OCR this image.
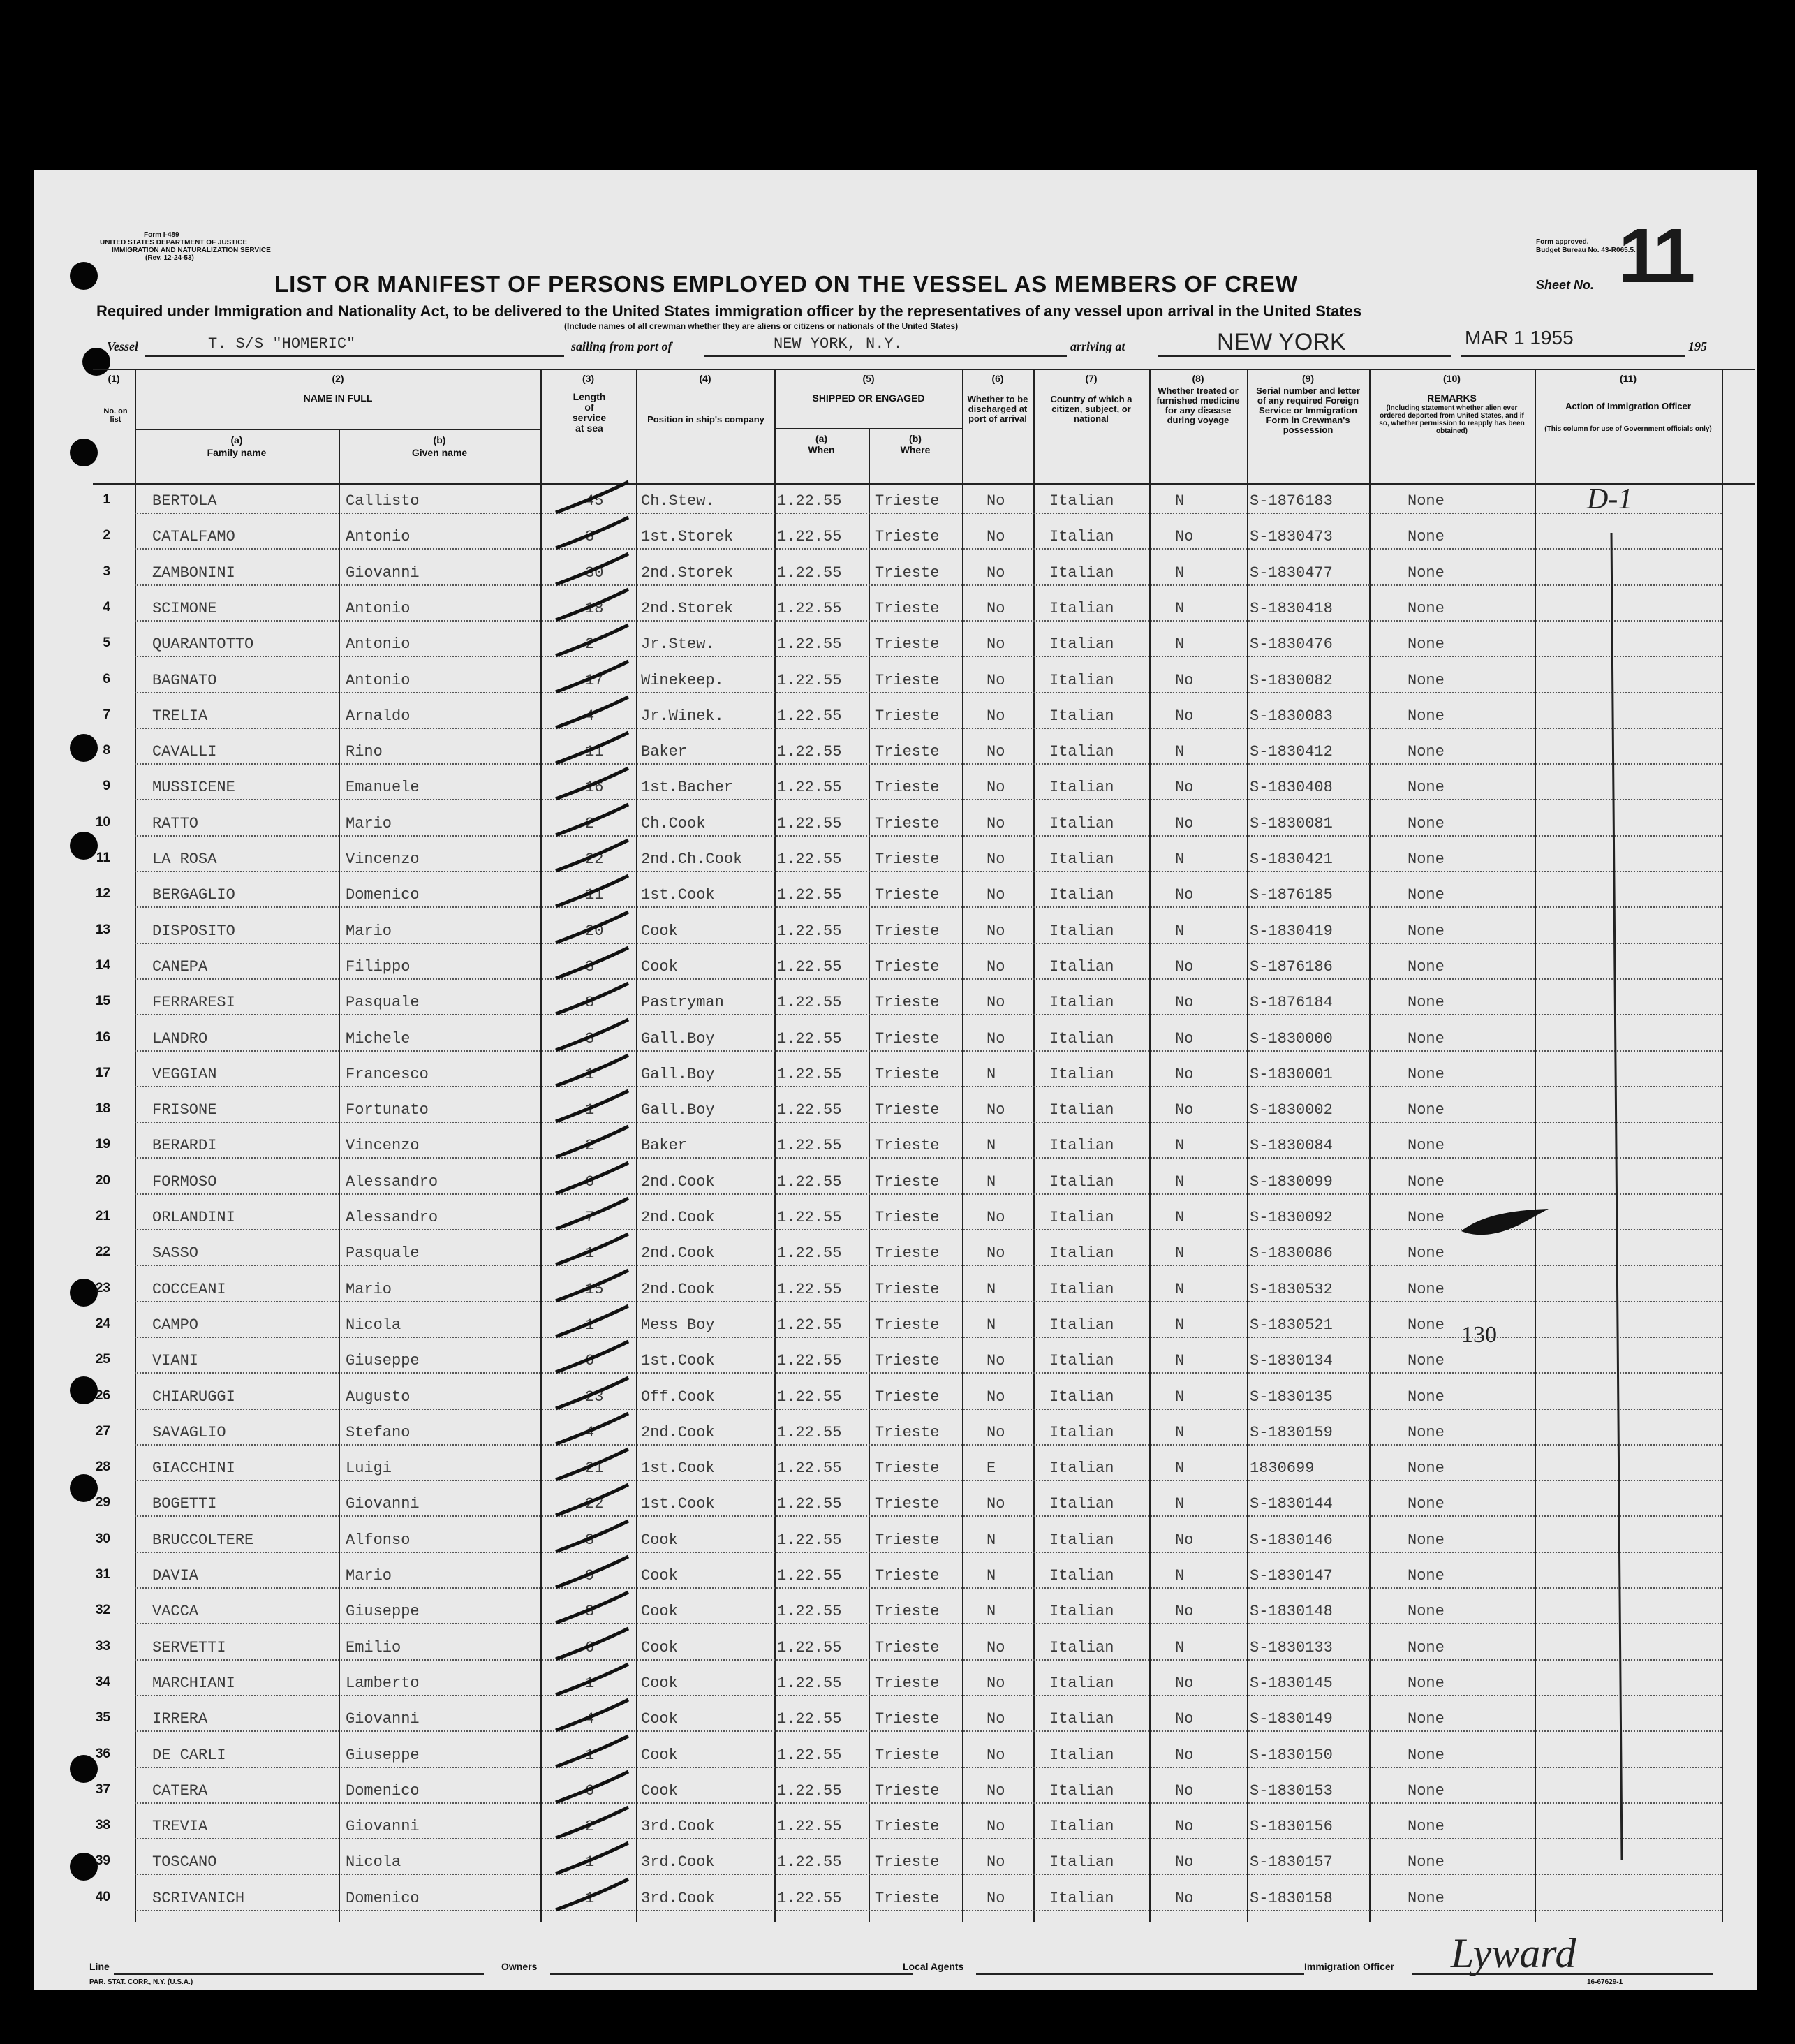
Form I-489
UNITED STATES DEPARTMENT OF JUSTICE
IMMIGRATION AND NATURALIZATION SERVICE
(Rev. 12-24-53)
LIST OR MANIFEST OF PERSONS EMPLOYED ON THE VESSEL AS MEMBERS OF CREW
Form approved.
Budget Bureau No. 43-R065.5.
Sheet No. 11
Required under Immigration and Nationality Act, to be delivered to the United States immigration officer by the representatives of any vessel upon arrival in the United States
(Include names of all crewman whether they are aliens or citizens or nationals of the United States)
Vessel	T. S/S "HOMERIC"	sailing from port of	NEW YORK, N.Y.	arriving at	NEW YORK	MAR 1 1955	195
(1)
No. on list
(2)
NAME IN FULL
(a)
Family name
(b)
Given name
(3)
Length of service at sea
(4)
Position in ship's company
(5)
SHIPPED OR ENGAGED
(a)
When
(b)
Where
(6)
Whether to be discharged at port of arrival
(7)
Country of which a citizen, subject, or national
(8)
Whether treated or furnished medicine for any disease during voyage
(9)
Serial number and letter of any required Foreign Service or Immigration Form in Crewman's possession
(10)
REMARKS
(Including statement whether alien ever ordered deported from United States, and if so, whether permission to reapply has been obtained)
(11)
Action of Immigration Officer
(This column for use of Government officials only)
1	BERTOLA	Callisto	45 Ch.Stew.	1.22.55 Trieste	No	Italian	N	S-1876183	None
2	CATALFAMO	Antonio	3	1st.Storek	1.22.55 Trieste	No	Italian	No	S-1830473	None
3	ZAMBONINI	Giovanni	30 2nd.Storek	1.22.55 Trieste	No	Italian	N	S-1830477	None
4	SCIMONE	Antonio	18 2nd.Storek	1.22.55 Trieste	No	Italian	N	S-1830418	None
5	QUARANTOTTO	Antonio	2	Jr.Stew.	1.22.55 Trieste	No	Italian	N	S-1830476	None
6	BAGNATO	Antonio	17 Winekeep.	1.22.55 Trieste	No	Italian	No	S-1830082	None
7	TRELIA	Arnaldo	4	Jr.Winek.	1.22.55 Trieste	No	Italian	No	S-1830083	None
8	CAVALLI	Rino	11 Baker	1.22.55 Trieste	No	Italian	N	S-1830412	None
9	MUSSICENE	Emanuele	16 1st.Bacher	1.22.55 Trieste	No	Italian	No	S-1830408	None
10	RATTO	Mario	2	Ch.Cook	1.22.55 Trieste	No	Italian	No	S-1830081	None
11	LA ROSA	Vincenzo	22 2nd.Ch.Cook 1.22.55 Trieste	No	Italian	N	S-1830421	None
12	BERGAGLIO	Domenico	11 1st.Cook	1.22.55 Trieste	No	Italian	No	S-1876185	None
13	DISPOSITO	Mario	20 Cook	1.22.55 Trieste	No	Italian	N	S-1830419	None
14	CANEPA	Filippo	3	Cook	1.22.55 Trieste	No	Italian	No	S-1876186	None
15	FERRARESI	Pasquale	8	Pastryman	1.22.55 Trieste	No	Italian	No	S-1876184	None
16	LANDRO	Michele	3	Gall.Boy	1.22.55 Trieste	No	Italian	No	S-1830000	None
17	VEGGIAN	Francesco	1	Gall.Boy	1.22.55 Trieste	N	Italian	No	S-1830001	None
18	FRISONE	Fortunato	1	Gall.Boy	1.22.55 Trieste	No	Italian	No	S-1830002	None
19	BERARDI	Vincenzo	2	Baker	1.22.55 Trieste	N	Italian	N	S-1830084	None
20	FORMOSO	Alessandro	6	2nd.Cook	1.22.55 Trieste	N	Italian	N	S-1830099	None
21	ORLANDINI	Alessandro	7	2nd.Cook	1.22.55 Trieste	No	Italian	N	S-1830092	None
22	SASSO	Pasquale	1	2nd.Cook	1.22.55 Trieste	No	Italian	N	S-1830086	None
23	COCCEANI	Mario	15 2nd.Cook	1.22.55 Trieste	N	Italian	N	S-1830532	None
24	CAMPO	Nicola	1	Mess Boy	1.22.55 Trieste	N	Italian	N	S-1830521	None
25	VIANI	Giuseppe	6	1st.Cook	1.22.55 Trieste	No	Italian	N	S-1830134	None
26	CHIARUGGI	Augusto	23 Off.Cook	1.22.55 Trieste	No	Italian	N	S-1830135	None
27	SAVAGLIO	Stefano	4	2nd.Cook	1.22.55 Trieste	No	Italian	N	S-1830159	None
28	GIACCHINI	Luigi	21 1st.Cook	1.22.55 Trieste	E	Italian	N	1830699	None
29	BOGETTI	Giovanni	22 1st.Cook	1.22.55 Trieste	No	Italian	N	S-1830144	None
30	BRUCCOLTERE	Alfonso	8	Cook	1.22.55 Trieste	N	Italian	No	S-1830146	None
31	DAVIA	Mario	9	Cook	1.22.55 Trieste	N	Italian	N	S-1830147	None
32	VACCA	Giuseppe	8	Cook	1.22.55 Trieste	N	Italian	No	S-1830148	None
33	SERVETTI	Emilio	6	Cook	1.22.55 Trieste	No	Italian	N	S-1830133	None
34	MARCHIANI	Lamberto	1	Cook	1.22.55 Trieste	No	Italian	No	S-1830145	None
35	IRRERA	Giovanni	4	Cook	1.22.55 Trieste	No	Italian	No	S-1830149	None
36	DE CARLI	Giuseppe	1	Cook	1.22.55 Trieste	No	Italian	No	S-1830150	None
37	CATERA	Domenico	6	Cook	1.22.55 Trieste	No	Italian	No	S-1830153	None
38	TREVIA	Giovanni	2	3rd.Cook	1.22.55 Trieste	No	Italian	No	S-1830156	None
39	TOSCANO	Nicola	1	3rd.Cook	1.22.55 Trieste	No	Italian	No	S-1830157	None
40	SCRIVANICH	Domenico	1	3rd.Cook	1.22.55 Trieste	No	Italian	No	S-1830158	None
D-1
130
Line	Owners	Local Agents	Immigration Officer Lyward
PAR. STAT. CORP., N.Y. (U.S.A.)	16-67629-1
